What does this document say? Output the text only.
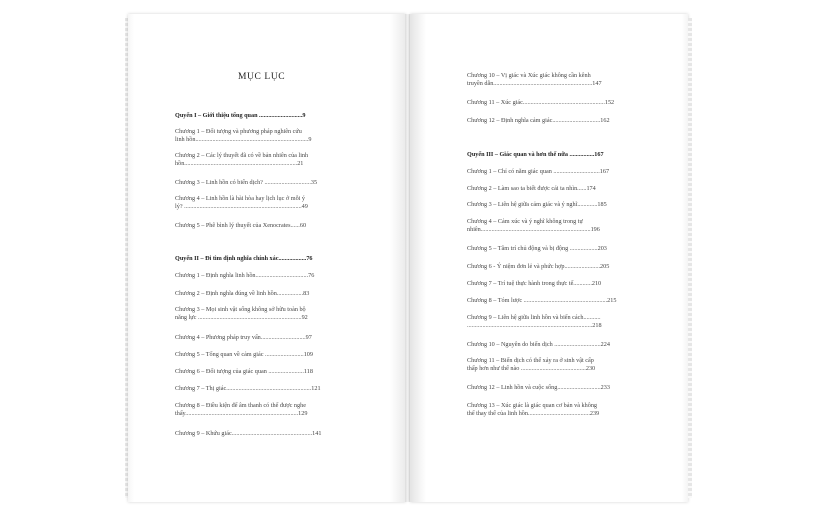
MỤC LỤC
Quyển I – Giới thiệu tổng quan ............................9
Chương 1 – Đối tượng và phương pháp nghiên cứu
linh hồn.........................................................................9
Chương 2 – Các lý thuyết đã có về bản nhiên của linh
hồn.........................................................................21
Chương 3 – Linh hồn có biến dịch? ..............................35
Chương 4 – Linh hồn là hài hòa hay lịch lục ở mỗi ý
lý? ............................................................................49
Chương 5 – Phê bình lý thuyết của Xenocrates......60
Quyển II – Đi tìm định nghĩa chính xác..................76
Chương 1 – Định nghĩa linh hồn..................................76
Chương 2 – Định nghĩa đúng về linh hồn.................83
Chương 3 – Mọi sinh vật sống không sở hữu toàn bộ
năng lực ...................................................................92
Chương 4 – Phương pháp truy vấn.............................97
Chương 5 – Tổng quan về cảm giác .........................109
Chương 6 – Đối tượng của giác quan .......................118
Chương 7 – Thị giác.......................................................121
Chương 8 – Điều kiện để âm thanh có thể được nghe
thấy.........................................................................129
Chương 9 – Khứu giác....................................................141
Chương 10 – Vị giác và Xúc giác không cần kênh
truyền dẫn................................................................147
Chương 11 – Xúc giác.....................................................152
Chương 12 – Định nghĩa cảm giác...............................162
Quyển III – Giác quan và hơn thế nữa ................167
Chương 1 – Chỉ có năm giác quan ..............................167
Chương 2 – Làm sao ta biết được cái ta nhìn......174
Chương 3 – Liên hệ giữa cảm giác và ý nghĩ.............185
Chương 4 – Cảm xúc và ý nghĩ không trong tự
nhiên.......................................................................196
Chương 5 – Tâm trí chủ động và bị động ..................203
Chương 6 - Ý niệm đơn lẻ và phức hợp.......................205
Chương 7 – Trí tuệ thực hành trong thực tế............210
Chương 8 – Tóm lược ......................................................215
Chương 9 – Liên hệ giữa linh hồn và biến cách...........
.................................................................................218
Chương 10 – Nguyên do biến dịch ..............................224
Chương 11 – Biến dịch có thể xảy ra ở sinh vật cấp
thấp hơn như thế nào ..........................................230
Chương 12 – Linh hồn và cuộc sống............................233
Chương 13 – Xúc giác là giác quan cơ bản và không
thể thay thế của linh hồn........................................239
